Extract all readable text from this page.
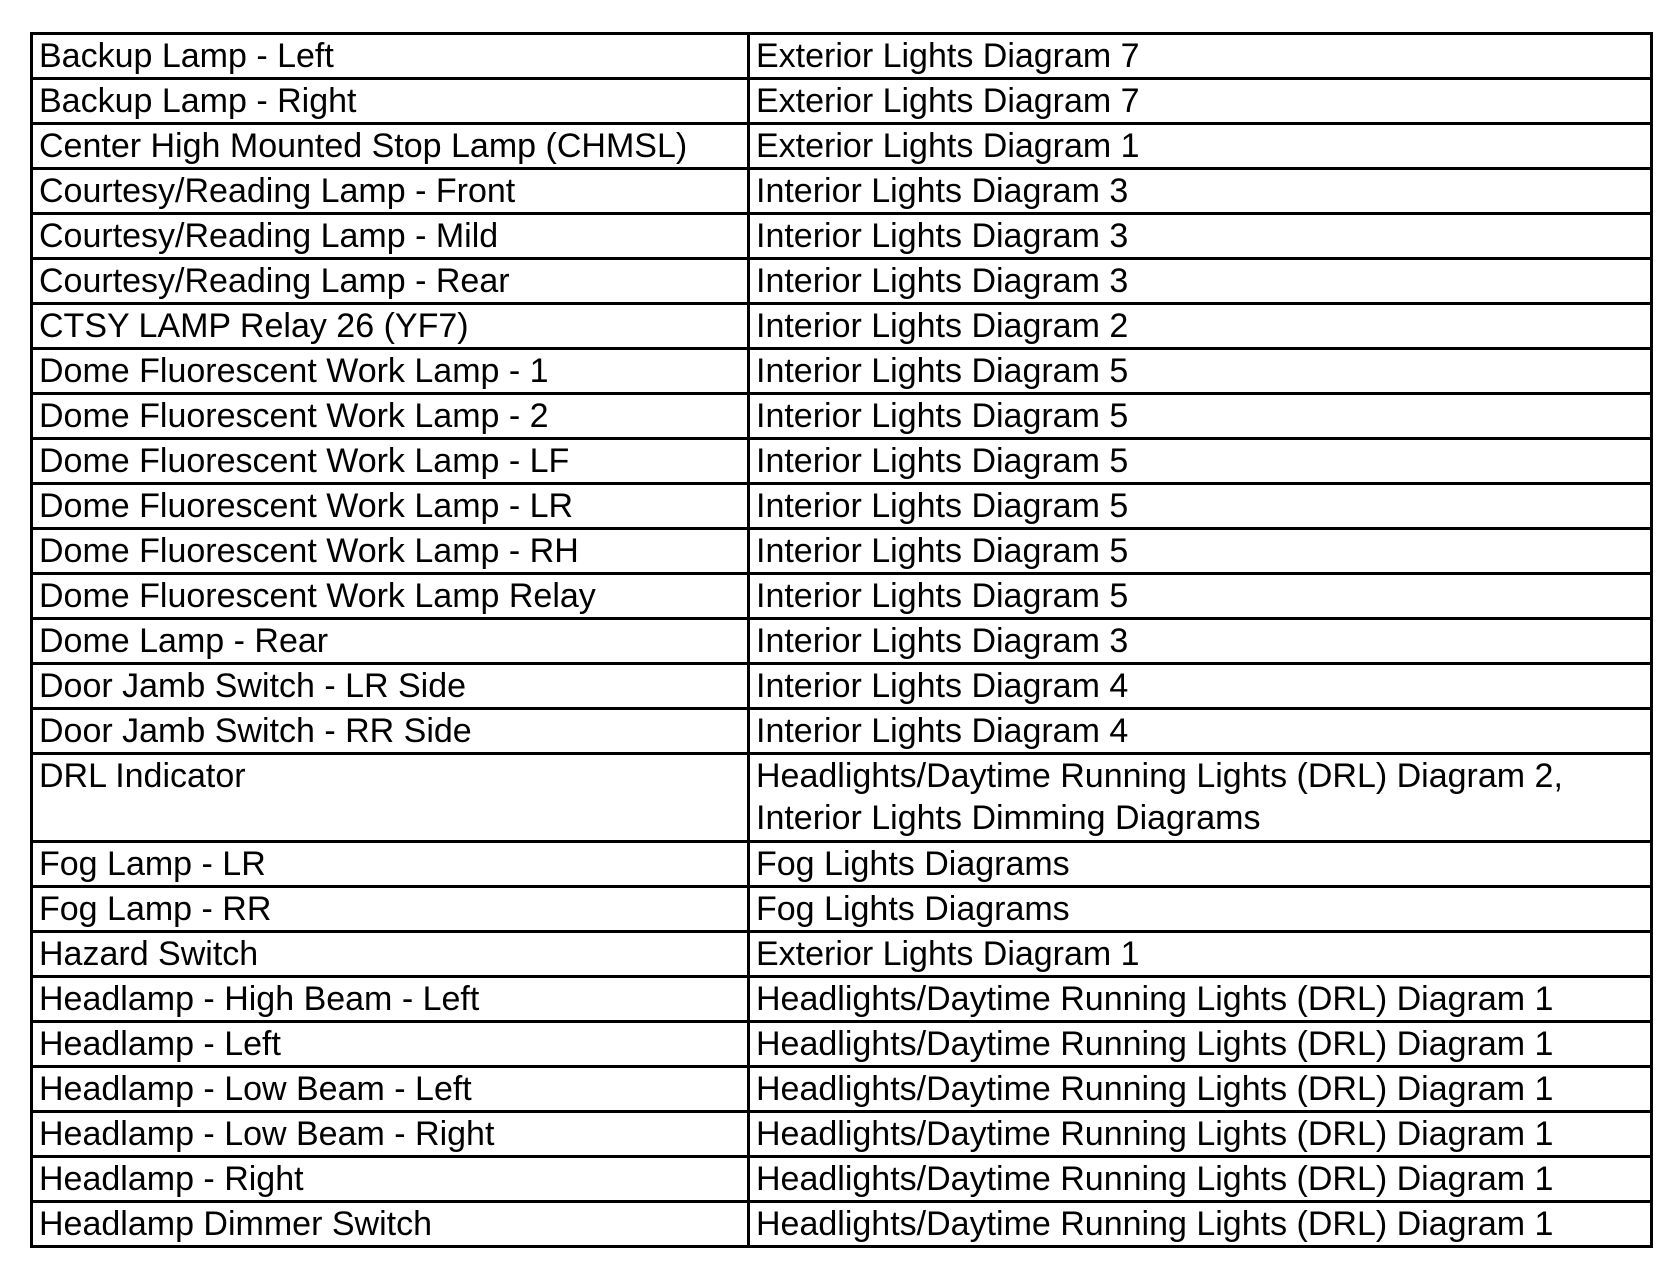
Backup Lamp - Left	Exterior Lights Diagram 7
Backup Lamp - Right	Exterior Lights Diagram 7
Center High Mounted Stop Lamp (CHMSL)	Exterior Lights Diagram 1
Courtesy/Reading Lamp - Front	Interior Lights Diagram 3
Courtesy/Reading Lamp - Mild	Interior Lights Diagram 3
Courtesy/Reading Lamp - Rear	Interior Lights Diagram 3
CTSY LAMP Relay 26 (YF7)	Interior Lights Diagram 2
Dome Fluorescent Work Lamp - 1	Interior Lights Diagram 5
Dome Fluorescent Work Lamp - 2	Interior Lights Diagram 5
Dome Fluorescent Work Lamp - LF	Interior Lights Diagram 5
Dome Fluorescent Work Lamp - LR	Interior Lights Diagram 5
Dome Fluorescent Work Lamp - RH	Interior Lights Diagram 5
Dome Fluorescent Work Lamp Relay	Interior Lights Diagram 5
Dome Lamp - Rear	Interior Lights Diagram 3
Door Jamb Switch - LR Side	Interior Lights Diagram 4
Door Jamb Switch - RR Side	Interior Lights Diagram 4
DRL Indicator	Headlights/Daytime Running Lights (DRL) Diagram 2,
Interior Lights Dimming Diagrams
Fog Lamp - LR	Fog Lights Diagrams
Fog Lamp - RR	Fog Lights Diagrams
Hazard Switch	Exterior Lights Diagram 1
Headlamp - High Beam - Left	Headlights/Daytime Running Lights (DRL) Diagram 1
Headlamp - Left	Headlights/Daytime Running Lights (DRL) Diagram 1
Headlamp - Low Beam - Left	Headlights/Daytime Running Lights (DRL) Diagram 1
Headlamp - Low Beam - Right	Headlights/Daytime Running Lights (DRL) Diagram 1
Headlamp - Right	Headlights/Daytime Running Lights (DRL) Diagram 1
Headlamp Dimmer Switch	Headlights/Daytime Running Lights (DRL) Diagram 1
